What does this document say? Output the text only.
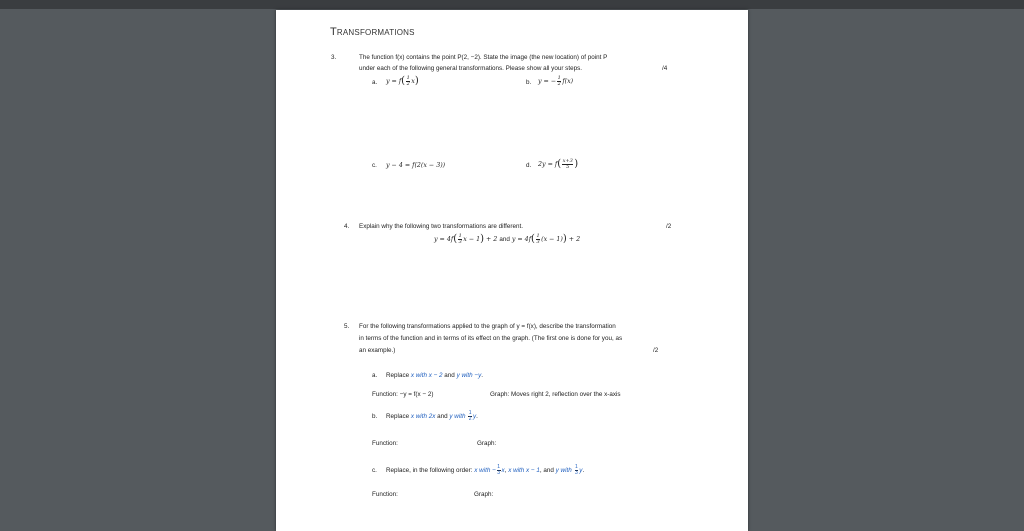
Transformations
3.	The function f(x) contains the point P(2, −2). State the image (the new location) of point P
under each of the following general transformations. Please show all your steps.	/4
a. $y = f( \frac{1}{2} x)$	b. y = − $\frac{1}{2} f(x)$
c. y − 4 = f(2(x − 3))	d. $2y = f( \frac{x+3}{5}$ )
4. Explain why the following two transformations are different.	/2
$y = 4f( \frac{1}{3}$ x − 1) + 2 and $y = 4f( \frac{1}{3} (x - 1)) + 2$
5. For the following transformations applied to the graph of y = f(x), describe the transformation
in terms of the function and in terms of its effect on the graph. (The first one is done for you, as
an example.)	/2
a. Replace x with x − 2 and y with −y.
Function: −y = f(x − 2)	Graph: Moves right 2, reflection over the x-axis
b. Replace x with 2x and y with $\frac{1}{2} y$.
Function:	Graph:
c. Replace, in the following order: x with − $\frac{1}{3} x$, x with x − 1, and y with $\frac{1}{3} y$.
Function:	Graph:
